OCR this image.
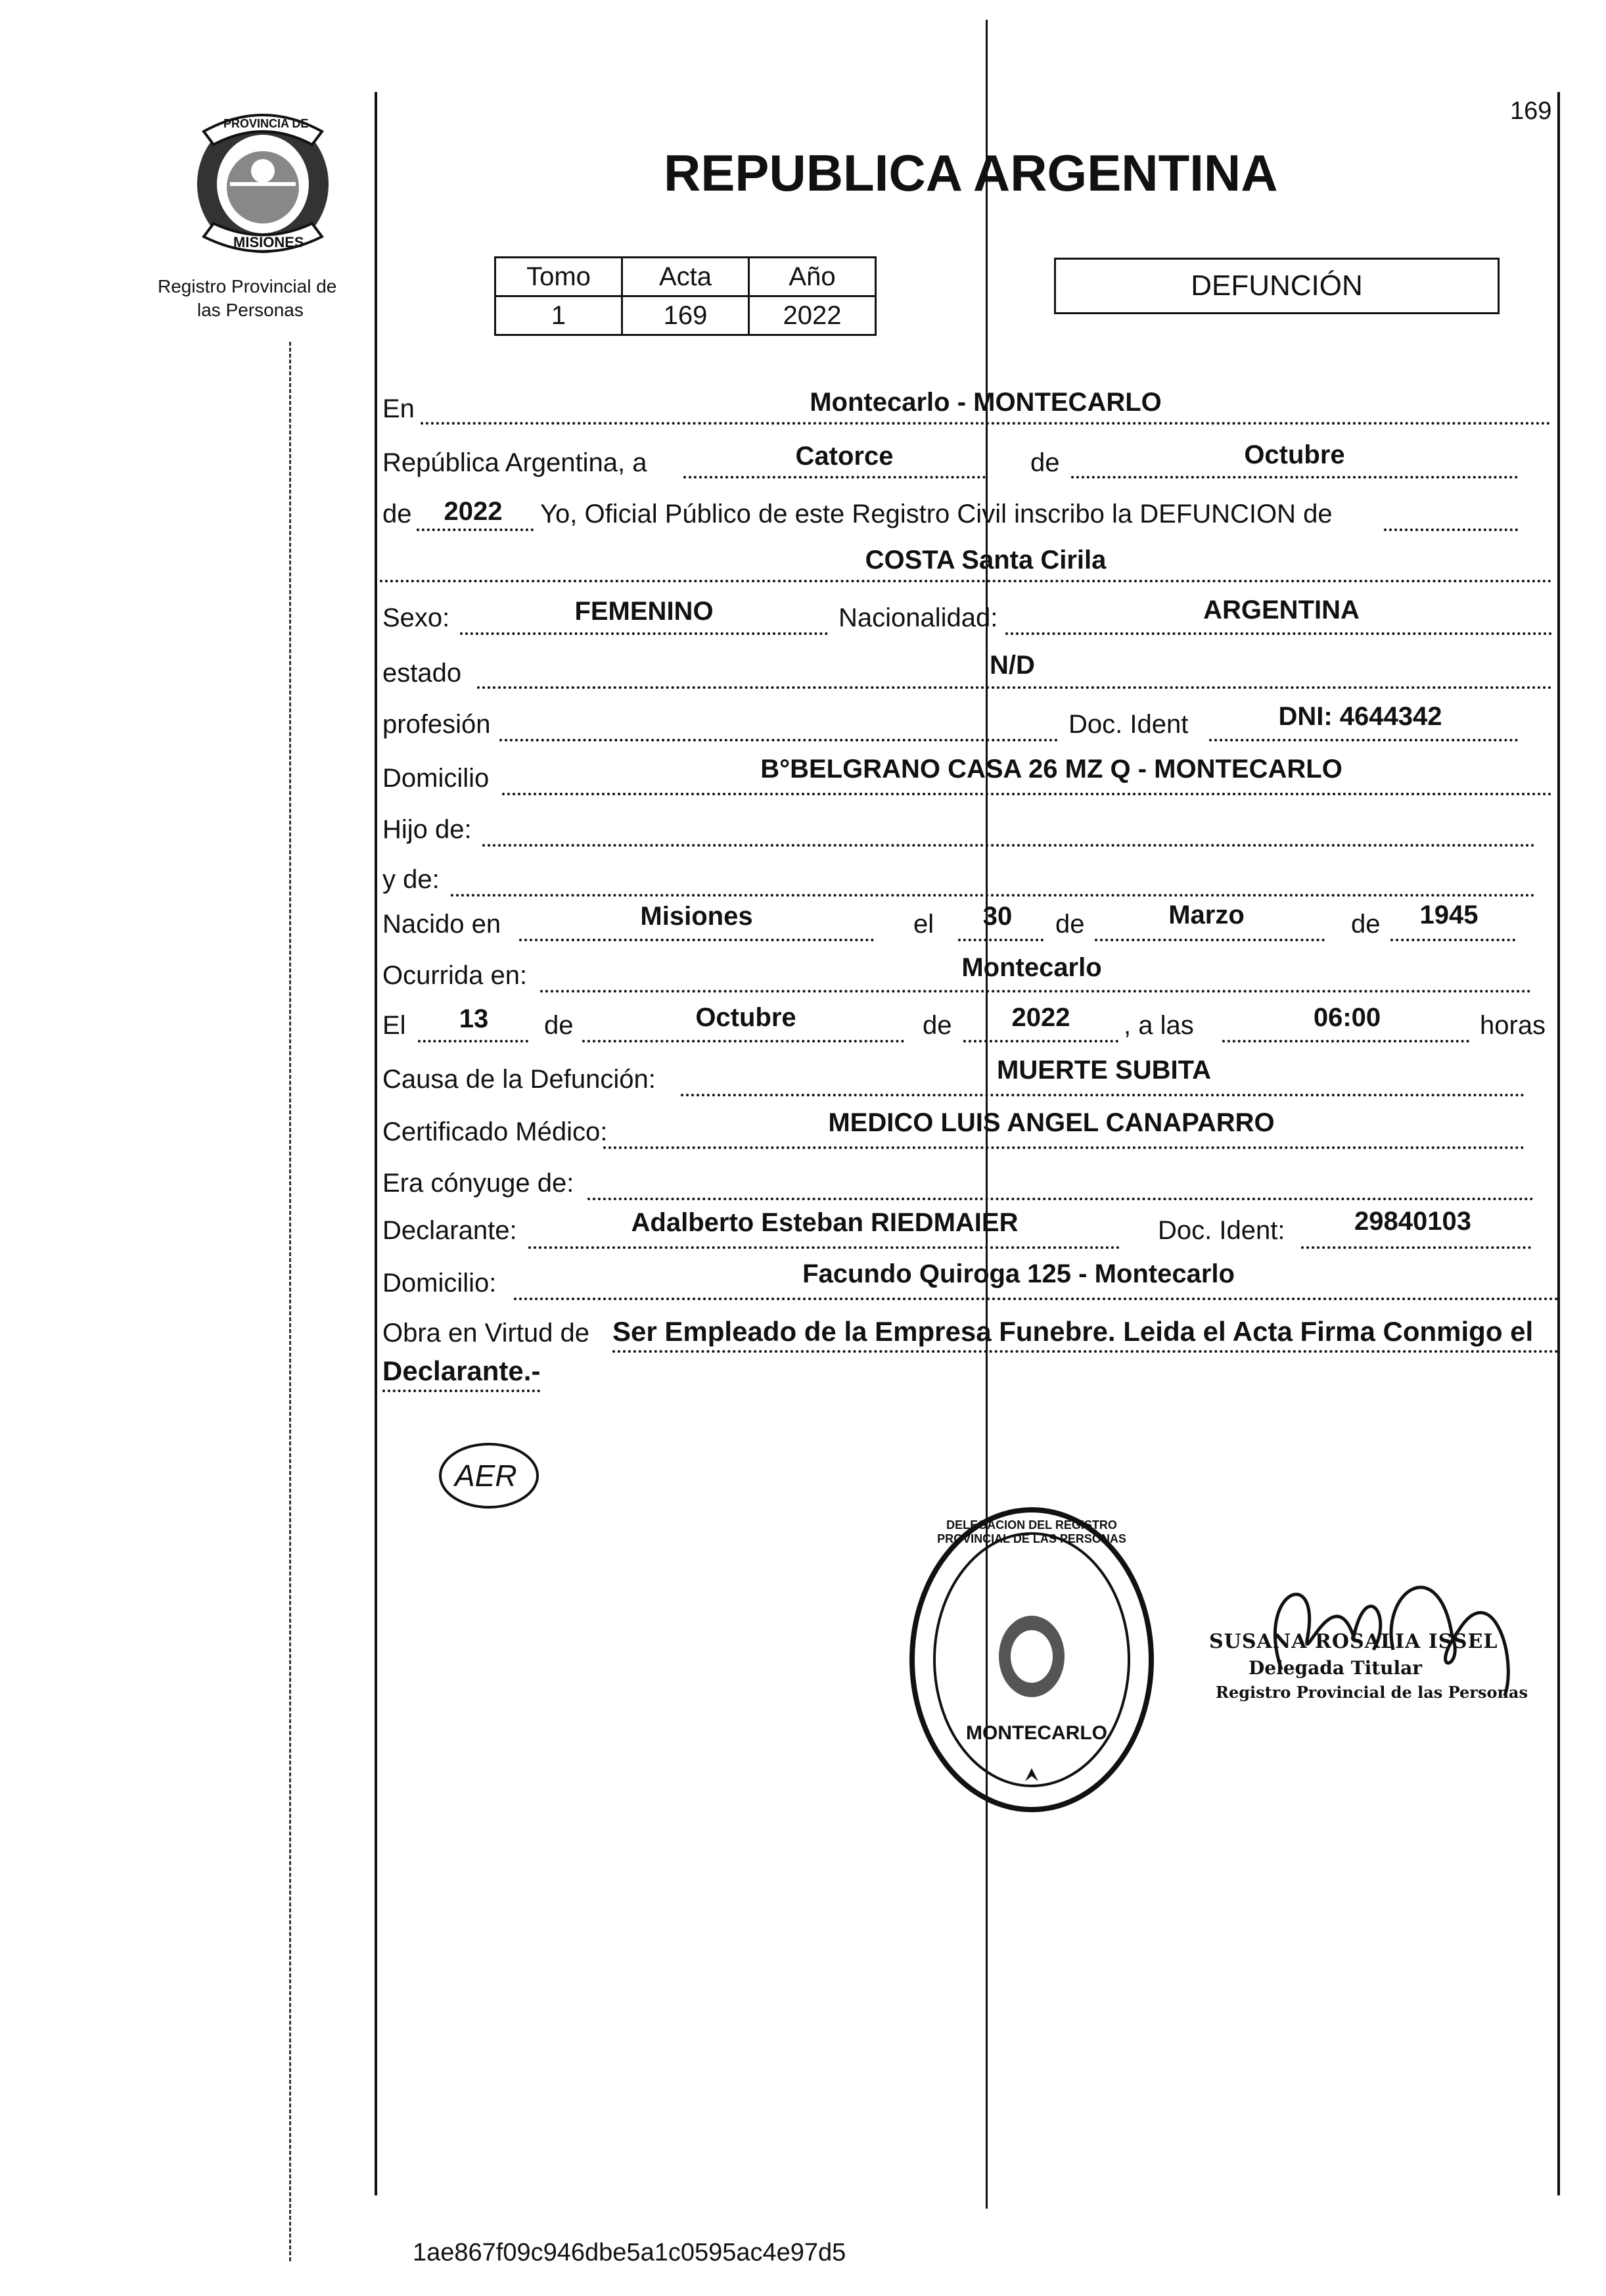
169
PROVINCIA DE
MISIONES
Registro Provincial de
las Personas
REPUBLICA ARGENTINA
Tomo	Acta	Año
1	169	2022
DEFUNCIÓN
En	Montecarlo - MONTECARLO
República Argentina, a	Catorce	de	Octubre
de	2022	Yo, Oficial Público de este Registro Civil inscribo la DEFUNCION de
COSTA Santa Cirila
Sexo:	FEMENINO	Nacionalidad:	ARGENTINA
estado	N/D
profesión	Doc. Ident	DNI: 4644342
Domicilio	B°BELGRANO CASA 26 MZ Q - MONTECARLO
Hijo de:
y de:
Nacido en	Misiones	el	30	de	Marzo	de	1945
Ocurrida en:	Montecarlo
El	13	de	Octubre	de	2022	, a las	06:00	horas
Causa de la Defunción:	MUERTE SUBITA
Certificado Médico:	MEDICO LUIS ANGEL CANAPARRO
Era cónyuge de:
Declarante:	Adalberto Esteban RIEDMAIER	Doc. Ident:	29840103
Domicilio:	Facundo Quiroga 125 - Montecarlo
Obra en Virtud de Ser Empleado de la Empresa Funebre. Leida el Acta Firma Conmigo el
Declarante.-
AER
DELEGACION DEL REGISTRO PROVINCIAL DE LAS PERSONAS
MONTECARLO
SUSANA ROSALIA ISSEL
Delegada Titular
Registro Provincial de las Personas
1ae867f09c946dbe5a1c0595ac4e97d5
